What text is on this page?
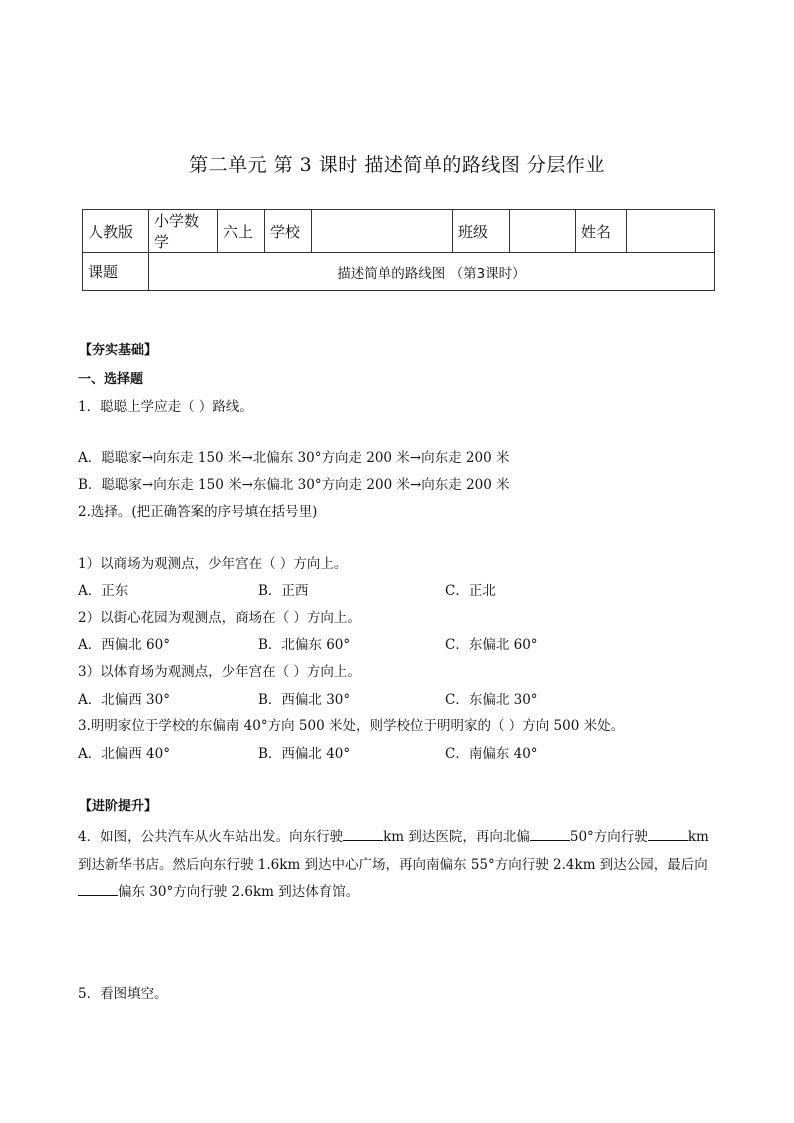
第二单元 第 3 课时 描述简单的路线图 分层作业
人教版	小学数学	六上	学校		班级		姓名	
课题	描述简单的路线图 （第3课时）							
【夯实基础】
一、选择题
1．聪聪上学应走（ ）路线。
A．聪聪家→向东走 150 米→北偏东 30°方向走 200 米→向东走 200 米
B．聪聪家→向东走 150 米→东偏北 30°方向走 200 米→向东走 200 米
2.选择。(把正确答案的序号填在括号里)
1）以商场为观测点，少年宫在（ ）方向上。
A．正东	B．正西	C．正北
2）以街心花园为观测点，商场在（ ）方向上。
A．西偏北 60°	B．北偏东 60°	C．东偏北 60°
3）以体育场为观测点，少年宫在（ ）方向上。
A．北偏西 30°	B．西偏北 30°	C．东偏北 30°
3.明明家位于学校的东偏南 40°方向 500 米处，则学校位于明明家的（ ）方向 500 米处。
A．北偏西 40°	B．西偏北 40°	C．南偏东 40°
【进阶提升】
4．如图，公共汽车从火车站出发。向东行驶	km 到达医院，再向北偏	50°方向行驶	km
到达新华书店。然后向东行驶 1.6km 到达中心广场，再向南偏东 55°方向行驶 2.4km 到达公园，最后向
偏东 30°方向行驶 2.6km 到达体育馆。
5．看图填空。
